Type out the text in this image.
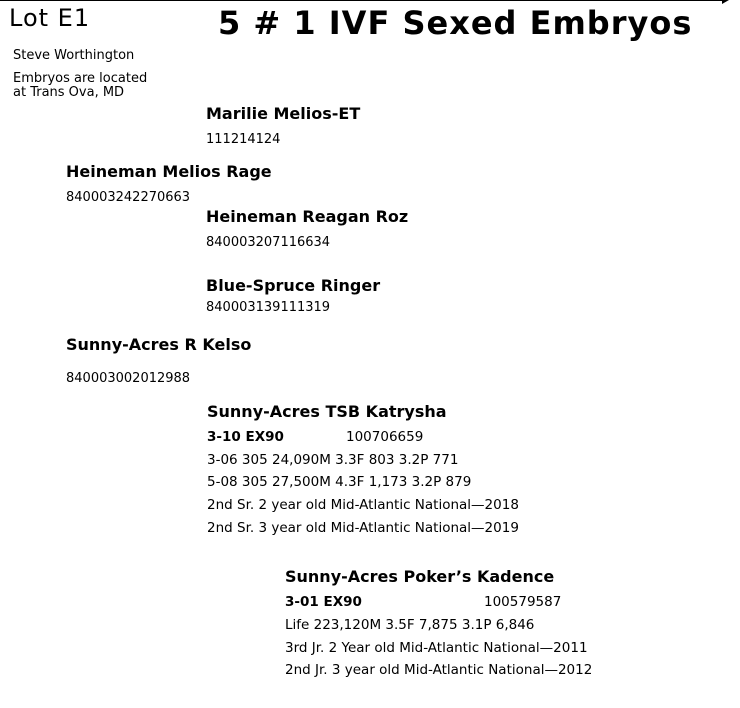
Lot E1	5 # 1 IVF Sexed Embryos
Steve Worthington
Embryos are located
at Trans Ova, MD
Marilie Melios-ET
111214124
Heineman Melios Rage
840003242270663
Heineman Reagan Roz
840003207116634
Blue-Spruce Ringer
840003139111319
Sunny-Acres R Kelso
840003002012988
Sunny-Acres TSB Katrysha
3-10 EX90	100706659
3-06 305 24,090M 3.3F 803 3.2P 771
5-08 305 27,500M 4.3F 1,173 3.2P 879
2nd Sr. 2 year old Mid-Atlantic National—2018
2nd Sr. 3 year old Mid-Atlantic National—2019
Sunny-Acres Poker’s Kadence
3-01 EX90	100579587
Life 223,120M 3.5F 7,875 3.1P 6,846
3rd Jr. 2 Year old Mid-Atlantic National—2011
2nd Jr. 3 year old Mid-Atlantic National—2012
